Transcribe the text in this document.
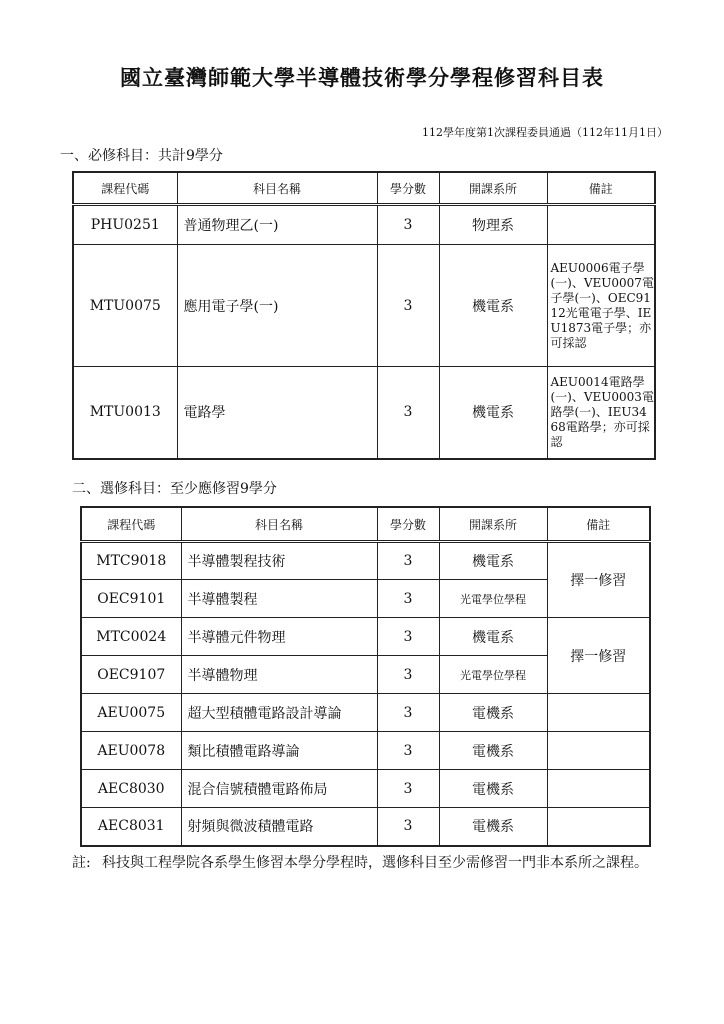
國立臺灣師範大學半導體技術學分學程修習科目表
112學年度第1次課程委員通過（112年11月1日）
一、必修科目：共計9學分
課程代碼	科目名稱	學分數	開課系所	備註
PHU0251	普通物理乙(一)	3	物理系	
MTU0075	應用電子學(一)	3	機電系	AEU0006電子學(一)、VEU0007電子學(一)、OEC9112光電電子學、IEU1873電子學；亦可採認
MTU0013	電路學	3	機電系	AEU0014電路學(一)、VEU0003電路學(一)、IEU3468電路學；亦可採認
二、選修科目：至少應修習9學分
課程代碼	科目名稱	學分數	開課系所	備註
MTC9018	半導體製程技術	3	機電系	擇一修習
OEC9101	半導體製程	3	光電學位學程	
MTC0024	半導體元件物理	3	機電系	擇一修習
OEC9107	半導體物理	3	光電學位學程	
AEU0075	超大型積體電路設計導論	3	電機系	
AEU0078	類比積體電路導論	3	電機系	
AEC8030	混合信號積體電路佈局	3	電機系	
AEC8031	射頻與微波積體電路	3	電機系	
註: 科技與工程學院各系學生修習本學分學程時，選修科目至少需修習一門非本系所之課程。
